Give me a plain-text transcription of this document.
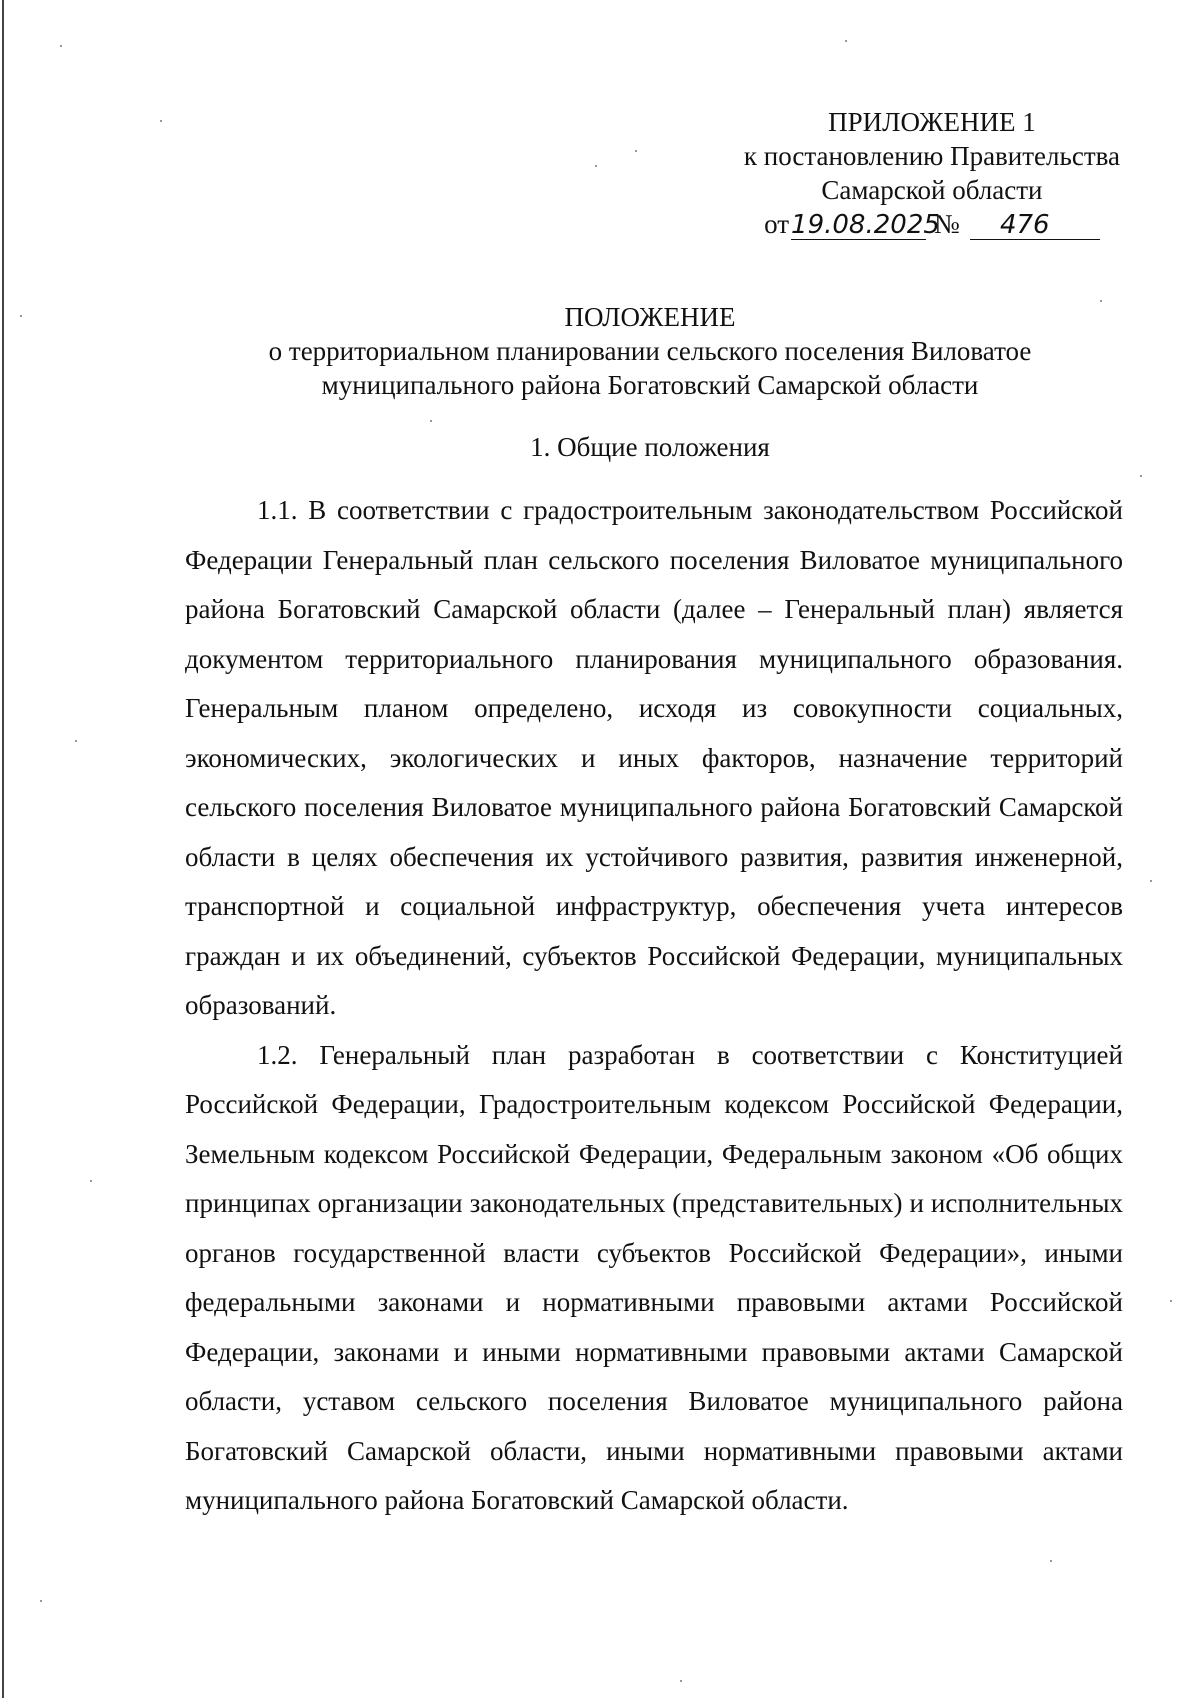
ПРИЛОЖЕНИЕ 1
к постановлению Правительства
Самарской области
от 19.08.2025
№	476
ПОЛОЖЕНИЕ
о территориальном планировании сельского поселения Виловатое
муниципального района Богатовский Самарской области
1. Общие положения

1.1. В соответствии с градостроительным законодательством Российской Федерации Генеральный план сельского поселения Виловатое муниципального района Богатовский Самарской области (далее – Генеральный план) является документом территориального планирования муниципального образования. Генеральным планом определено, исходя из совокупности социальных, экономических, экологических и иных факторов, назначение территорий сельского поселения Виловатое муниципального района Богатовский Самарской области в целях обеспечения их устойчивого развития, развития инженерной, транспортной и социальной инфраструктур, обеспечения учета интересов граждан и их объединений, субъектов Российской Федерации, муниципальных образований.

1.2. Генеральный план разработан в соответствии с Конституцией Российской Федерации, Градостроительным кодексом Российской Федерации, Земельным кодексом Российской Федерации, Федеральным законом «Об общих принципах организации законодательных (представительных) и исполнительных органов государственной власти субъектов Российской Федерации», иными федеральными законами и нормативными правовыми актами Российской Федерации, законами и иными нормативными правовыми актами Самарской области, уставом сельского поселения Виловатое муниципального района Богатовский Самарской области, иными нормативными правовыми актами муниципального района Богатовский Самарской области.
